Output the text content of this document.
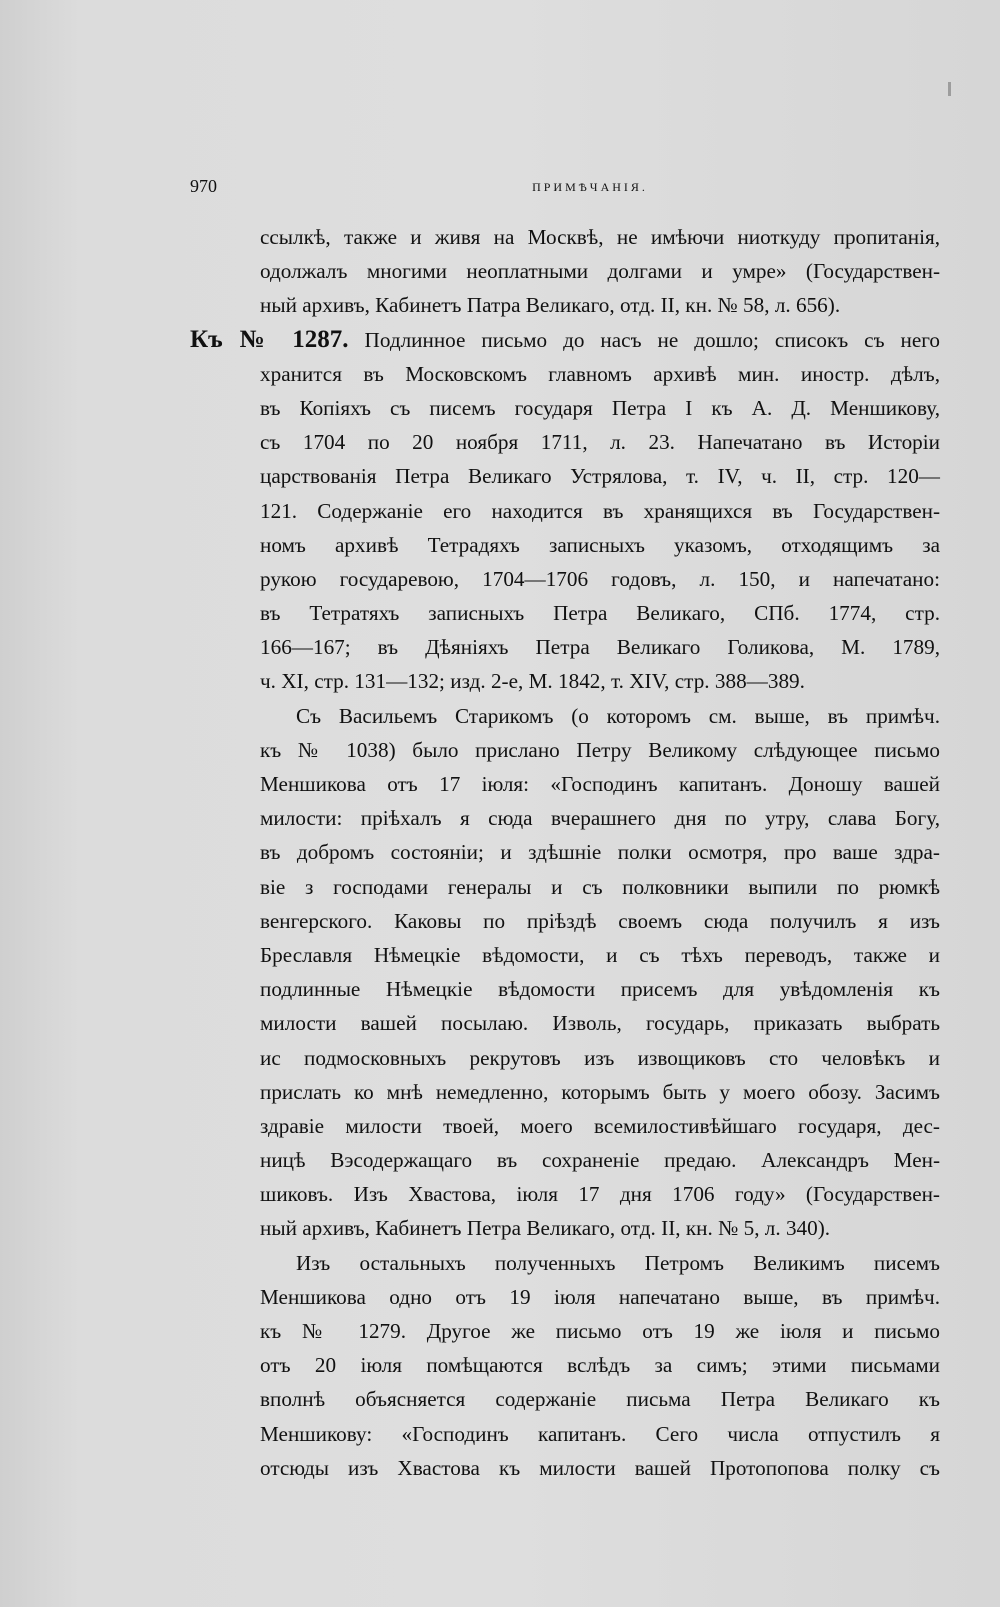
970	ПРИМѢЧАНІЯ.
ссылкѣ, также и живя на Москвѣ, не имѣючи ниоткуду пропитанія,
одолжалъ многими неоплатными долгами и умре» (Государствен-
ный архивъ, Кабинетъ Патра Великаго, отд. II, кн. № 58, л. 656).
Къ № 1287. Подлинное письмо до насъ не дошло; списокъ съ него
хранится въ Московскомъ главномъ архивѣ мин. иностр. дѣлъ,
въ Копіяхъ съ писемъ государя Петра I къ А. Д. Меншикову,
съ 1704 по 20 ноября 1711, л. 23. Напечатано въ Исторіи
царствованія Петра Великаго Устрялова, т. IV, ч. II, стр. 120—
121. Содержаніе его находится въ хранящихся въ Государствен-
номъ архивѣ Тетрадяхъ записныхъ указомъ, отходящимъ за
рукою государевою, 1704—1706 годовъ, л. 150, и напечатано:
въ Тетратяхъ записныхъ Петра Великаго, СПб. 1774, стр.
166—167; въ Дѣяніяхъ Петра Великаго Голикова, М. 1789,
ч. XI, стр. 131—132; изд. 2-е, М. 1842, т. XIV, стр. 388—389.
Съ Васильемъ Старикомъ (о которомъ см. выше, въ примѣч.
къ № 1038) было прислано Петру Великому слѣдующее письмо
Меншикова отъ 17 іюля: «Господинъ капитанъ. Доношу вашей
милости: пріѣхалъ я сюда вчерашнего дня по утру, слава Богу,
въ добромъ состояніи; и здѣшніе полки осмотря, про ваше здра-
віе з господами генералы и съ полковники выпили по рюмкѣ
венгерского. Каковы по пріѣздѣ своемъ сюда получилъ я изъ
Бреславля Нѣмецкіе вѣдомости, и съ тѣхъ переводъ, также и
подлинные Нѣмецкіе вѣдомости присемъ для увѣдомленія къ
милости вашей посылаю. Изволь, государь, приказать выбрать
ис подмосковныхъ рекрутовъ изъ извощиковъ сто человѣкъ и
прислать ко мнѣ немедленно, которымъ быть у моего обозу. Засимъ
здравіе милости твоей, моего всемилостивѣйшаго государя, дес-
ницѣ Вэсодержащаго въ сохраненіе предаю. Александръ Мен-
шиковъ. Изъ Хвастова, іюля 17 дня 1706 году» (Государствен-
ный архивъ, Кабинетъ Петра Великаго, отд. II, кн. № 5, л. 340).
Изъ остальныхъ полученныхъ Петромъ Великимъ писемъ
Меншикова одно отъ 19 іюля напечатано выше, въ примѣч.
къ № 1279. Другое же письмо отъ 19 же іюля и письмо
отъ 20 іюля помѣщаются вслѣдъ за симъ; этими письмами
вполнѣ объясняется содержаніе письма Петра Великаго къ
Меншикову: «Господинъ капитанъ. Сего числа отпустилъ я
отсюды изъ Хвастова къ милости вашей Протопопова полку съ
